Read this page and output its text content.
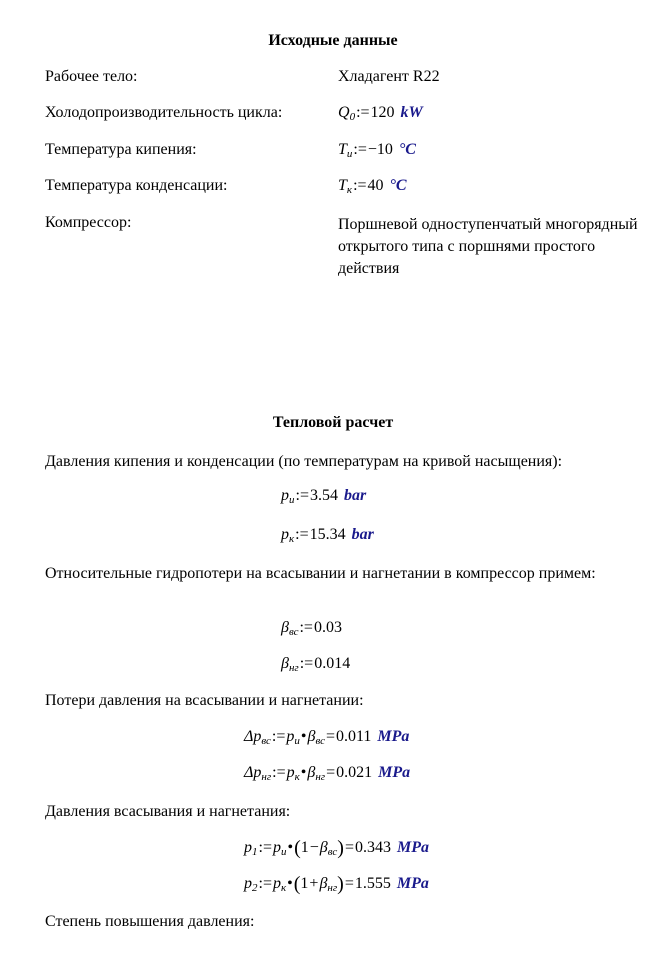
Исходные данные
Рабочее тело:	Хладагент R22
Холодопроизводительность цикла:	$Q_0:=120$ kW
Температура кипения:	$T_и:=-10$ °C
Температура конденсации:	$T_к:=40$ °C
Компрессор:	Поршневой одноступенчатый многорядный открытого типа с поршнями простого действия
Тепловой расчет
Давления кипения и конденсации (по температурам на кривой насыщения):
$p_и:=3.54$ bar
$p_к:=15.34$ bar
Относительные гидропотери на всасывании и нагнетании в компрессор примем:
$\beta_{вс}:=0.03$
$\beta_{нг}:=0.014$
Потери давления на всасывании и нагнетании:
$\Delta p_{вс}:=p_и•\beta_{вс}=0.011$ MPa
$\Delta p_{нг}:=p_к•\beta_{нг}=0.021$ MPa
Давления всасывания и нагнетания:
$p_1:=p_и•(1-\beta_{вс})=0.343$ MPa
$p_2:=p_к•(1+\beta_{нг})=1.555$ MPa
Степень повышения давления:
